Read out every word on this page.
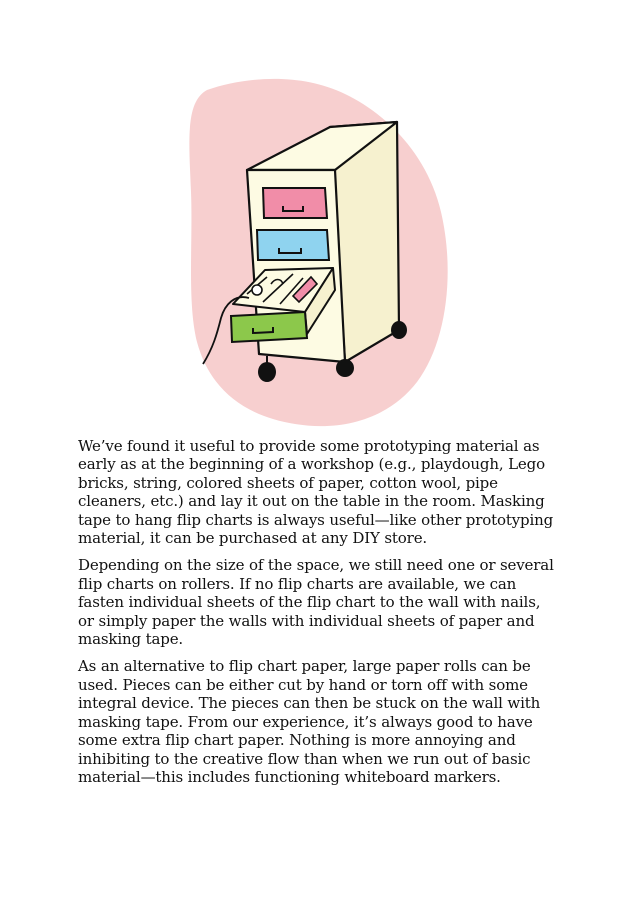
We’ve found it useful to provide some prototyping material as early as at the beginning of a workshop (e.g., playdough, Lego bricks, string, colored sheets of paper, cotton wool, pipe cleaners, etc.) and lay it out on the table in the room. Masking tape to hang flip charts is always useful—like other prototyping material, it can be purchased at any DIY store.

Depending on the size of the space, we still need one or several flip charts on rollers. If no flip charts are available, we can fasten individual sheets of the flip chart to the wall with nails, or simply paper the walls with individual sheets of paper and masking tape.

As an alternative to flip chart paper, large paper rolls can be used. Pieces can be either cut by hand or torn off with some integral device. The pieces can then be stuck on the wall with masking tape. From our experience, it’s always good to have some extra flip chart paper. Nothing is more annoying and inhibiting to the creative flow than when we run out of basic material—this includes functioning whiteboard markers.
